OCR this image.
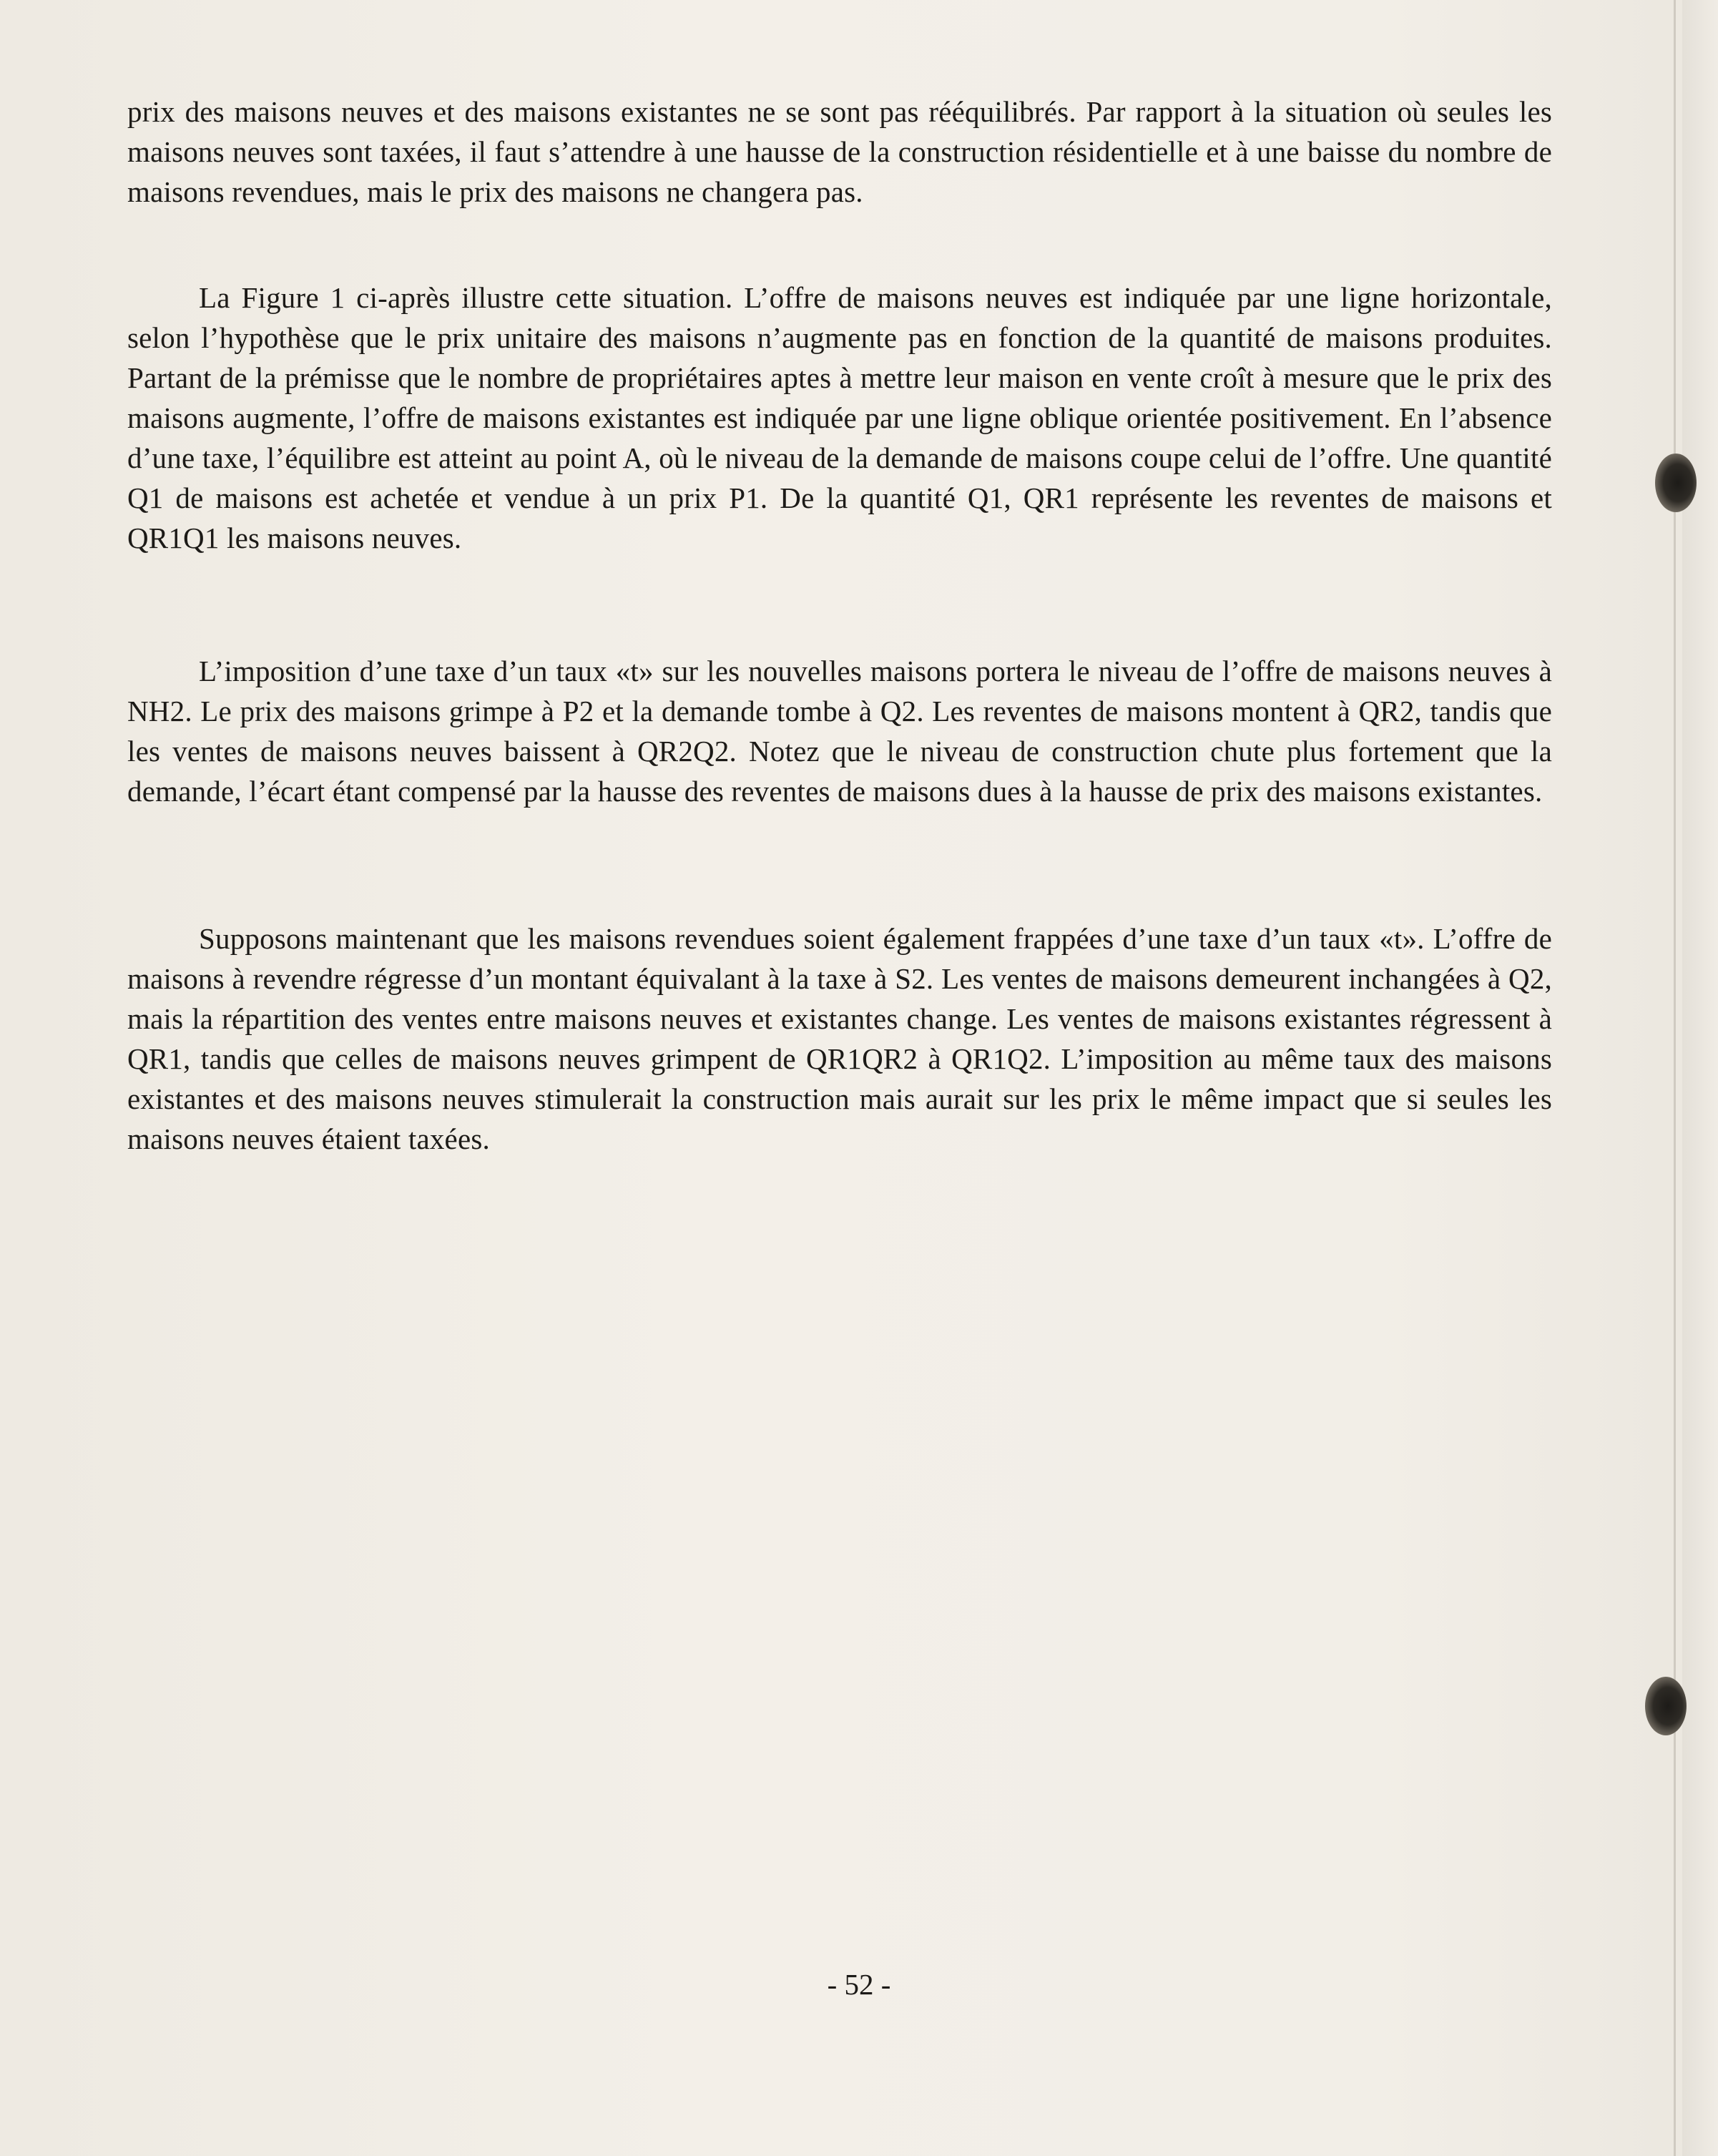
prix des maisons neuves et des maisons existantes ne se sont pas rééquilibrés. Par rapport à la situation où seules les maisons neuves sont taxées, il faut s’attendre à une hausse de la construction résidentielle et à une baisse du nombre de maisons revendues, mais le prix des maisons ne changera pas.
La Figure 1 ci-après illustre cette situation. L’offre de maisons neuves est indiquée par une ligne horizontale, selon l’hypothèse que le prix unitaire des maisons n’augmente pas en fonction de la quantité de maisons produites. Partant de la prémisse que le nombre de propriétaires aptes à mettre leur maison en vente croît à mesure que le prix des maisons augmente, l’offre de maisons existantes est indiquée par une ligne oblique orientée positivement. En l’absence d’une taxe, l’équilibre est atteint au point A, où le niveau de la demande de maisons coupe celui de l’offre. Une quantité Q1 de maisons est achetée et vendue à un prix P1. De la quantité Q1, QR1 représente les reventes de maisons et QR1Q1 les maisons neuves.
L’imposition d’une taxe d’un taux «t» sur les nouvelles maisons portera le niveau de l’offre de maisons neuves à NH2. Le prix des maisons grimpe à P2 et la demande tombe à Q2. Les reventes de maisons montent à QR2, tandis que les ventes de maisons neuves baissent à QR2Q2. Notez que le niveau de construction chute plus fortement que la demande, l’écart étant compensé par la hausse des reventes de maisons dues à la hausse de prix des maisons existantes.
Supposons maintenant que les maisons revendues soient également frappées d’une taxe d’un taux «t». L’offre de maisons à revendre régresse d’un montant équivalant à la taxe à S2. Les ventes de maisons demeurent inchangées à Q2, mais la répartition des ventes entre maisons neuves et existantes change. Les ventes de maisons existantes régressent à QR1, tandis que celles de maisons neuves grimpent de QR1QR2 à QR1Q2. L’imposition au même taux des maisons existantes et des maisons neuves stimulerait la construction mais aurait sur les prix le même impact que si seules les maisons neuves étaient taxées.
- 52 -
